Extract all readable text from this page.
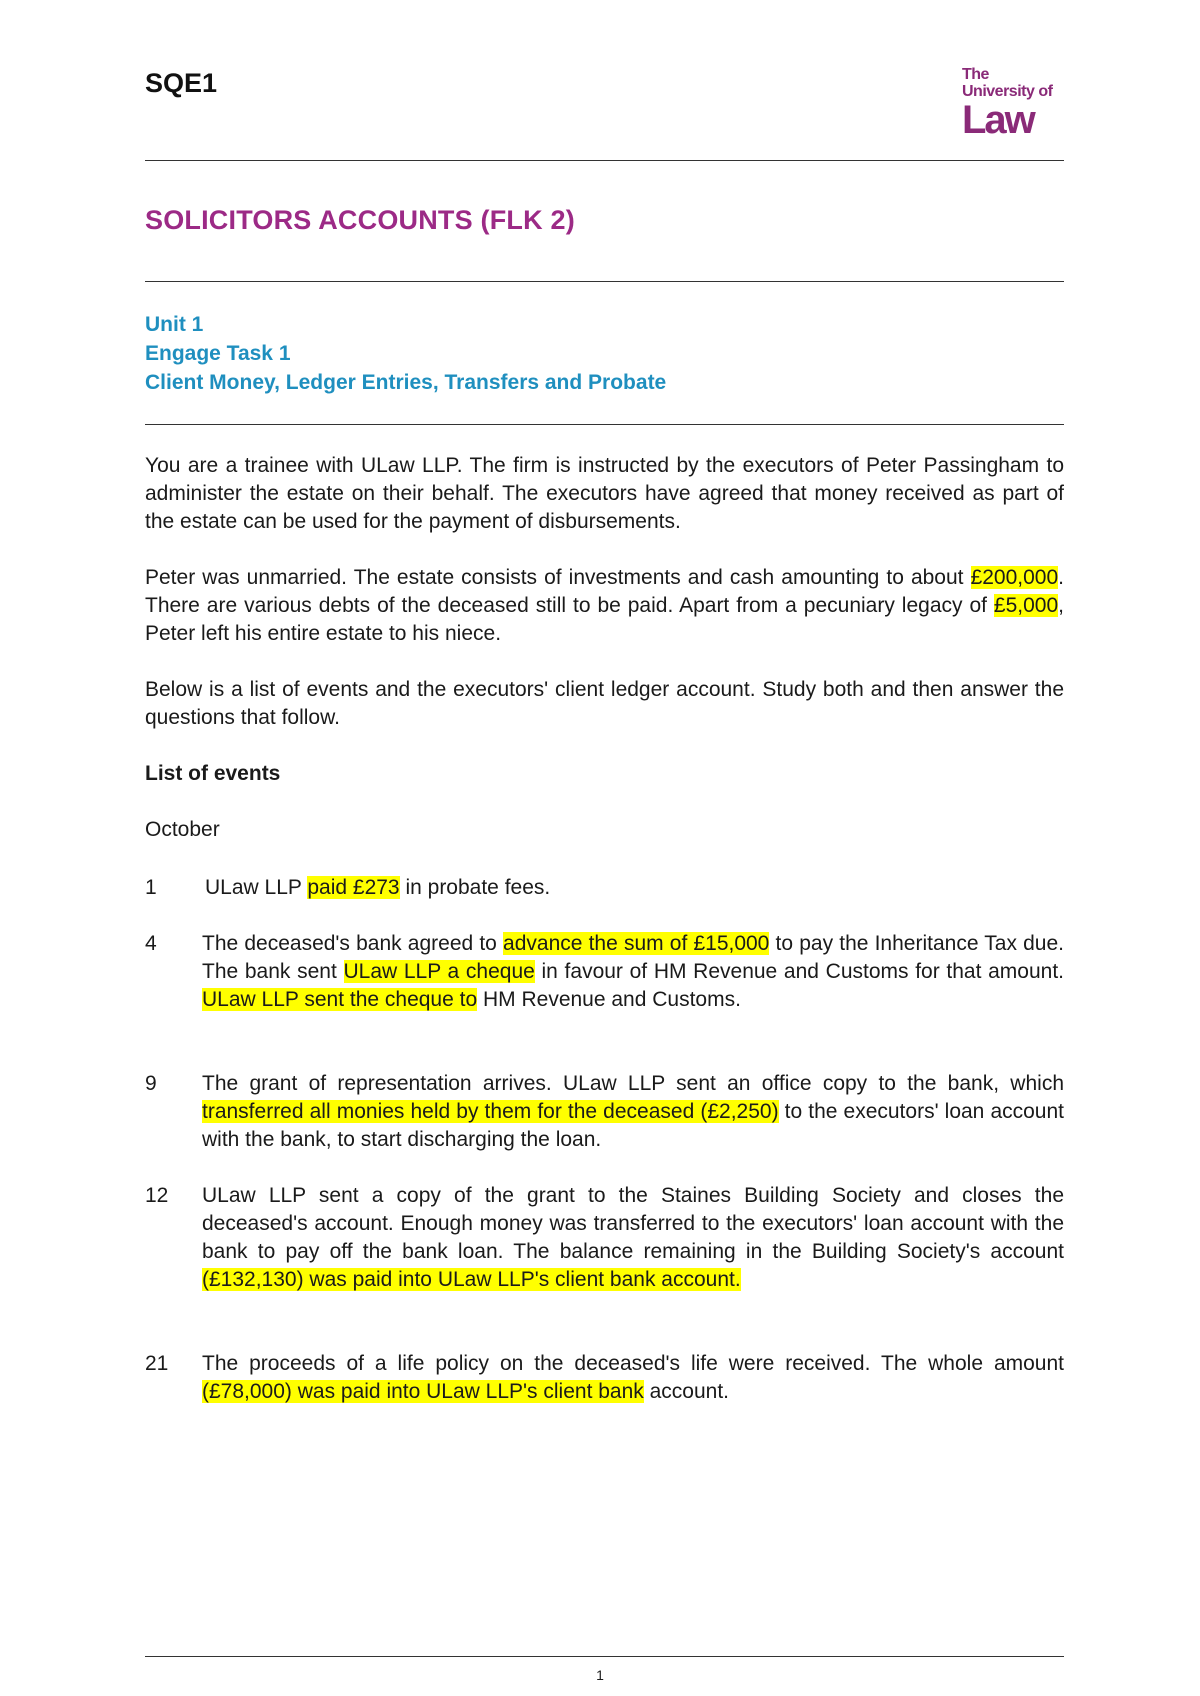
SQE1	The
University of
Law
SOLICITORS ACCOUNTS (FLK 2)
Unit 1
Engage Task 1
Client Money, Ledger Entries, Transfers and Probate
You are a trainee with ULaw LLP. The firm is instructed by the executors of Peter Passingham to administer the estate on their behalf. The executors have agreed that money received as part of the estate can be used for the payment of disbursements.
Peter was unmarried. The estate consists of investments and cash amounting to about £200,000. There are various debts of the deceased still to be paid. Apart from a pecuniary legacy of £5,000, Peter left his entire estate to his niece.
Below is a list of events and the executors' client ledger account. Study both and then answer the questions that follow.
List of events
October
1	ULaw LLP paid £273 in probate fees.
4	The deceased's bank agreed to advance the sum of £15,000 to pay the Inheritance Tax due. The bank sent ULaw LLP a cheque in favour of HM Revenue and Customs for that amount. ULaw LLP sent the cheque to HM Revenue and Customs.
9	The grant of representation arrives. ULaw LLP sent an office copy to the bank, which transferred all monies held by them for the deceased (£2,250) to the executors' loan account with the bank, to start discharging the loan.
12	ULaw LLP sent a copy of the grant to the Staines Building Society and closes the deceased's account. Enough money was transferred to the executors' loan account with the bank to pay off the bank loan. The balance remaining in the Building Society's account (£132,130) was paid into ULaw LLP's client bank account.
21	The proceeds of a life policy on the deceased's life were received. The whole amount (£78,000) was paid into ULaw LLP's client bank account.
1
